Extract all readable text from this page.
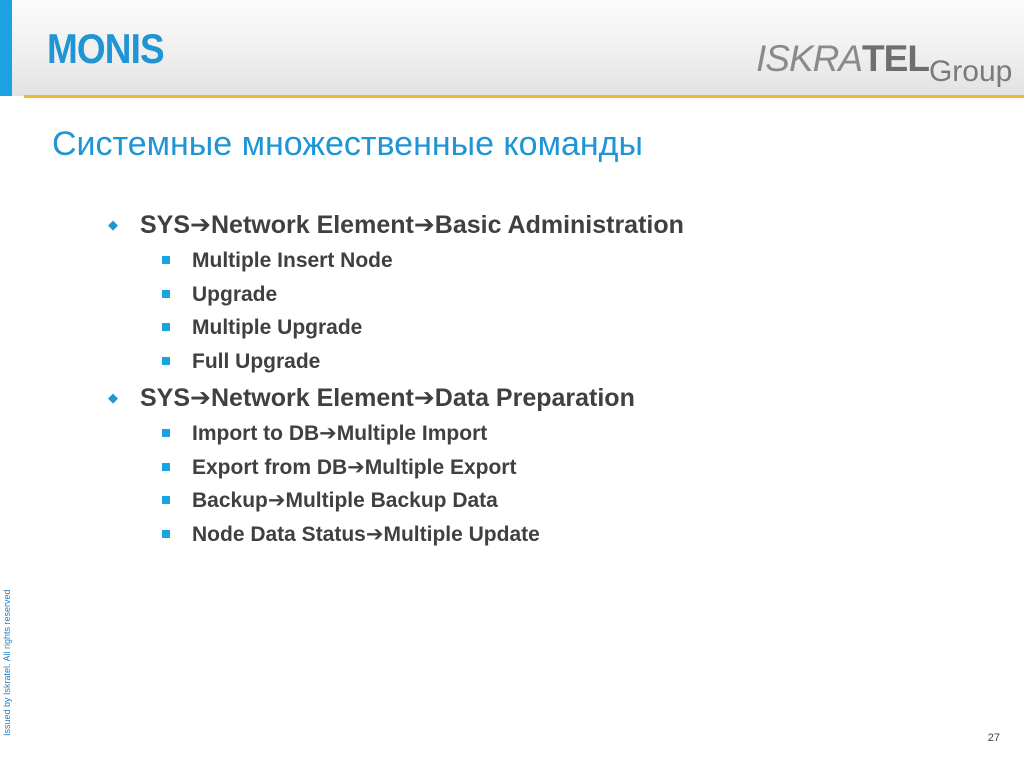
MONIS	ISKRATELGroup
Системные множественные команды
◆ SYS➔Network Element➔Basic Administration
Multiple Insert Node
Upgrade
Multiple Upgrade
Full Upgrade
◆ SYS➔Network Element➔Data Preparation
Import to DB➔Multiple Import
Export from DB➔Multiple Export
Backup➔Multiple Backup Data
Node Data Status➔Multiple Update
Issued by Iskratel. All rights reserved
27
